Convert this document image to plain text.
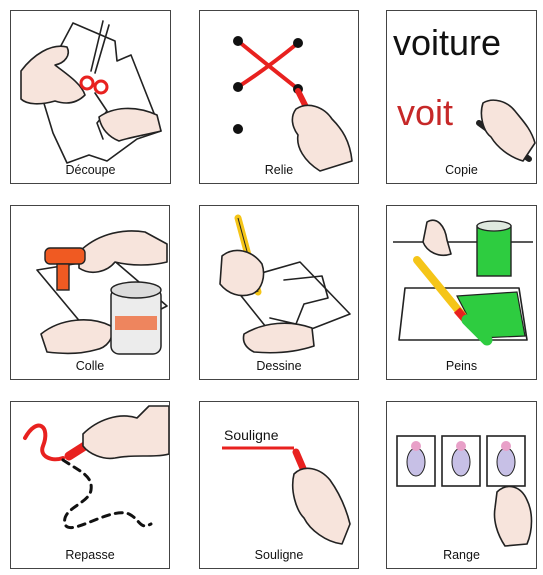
Découpe	Relie
voiture
voit
Copie
Colle	Dessine	Peins
Repasse
Souligne
Souligne	Range
